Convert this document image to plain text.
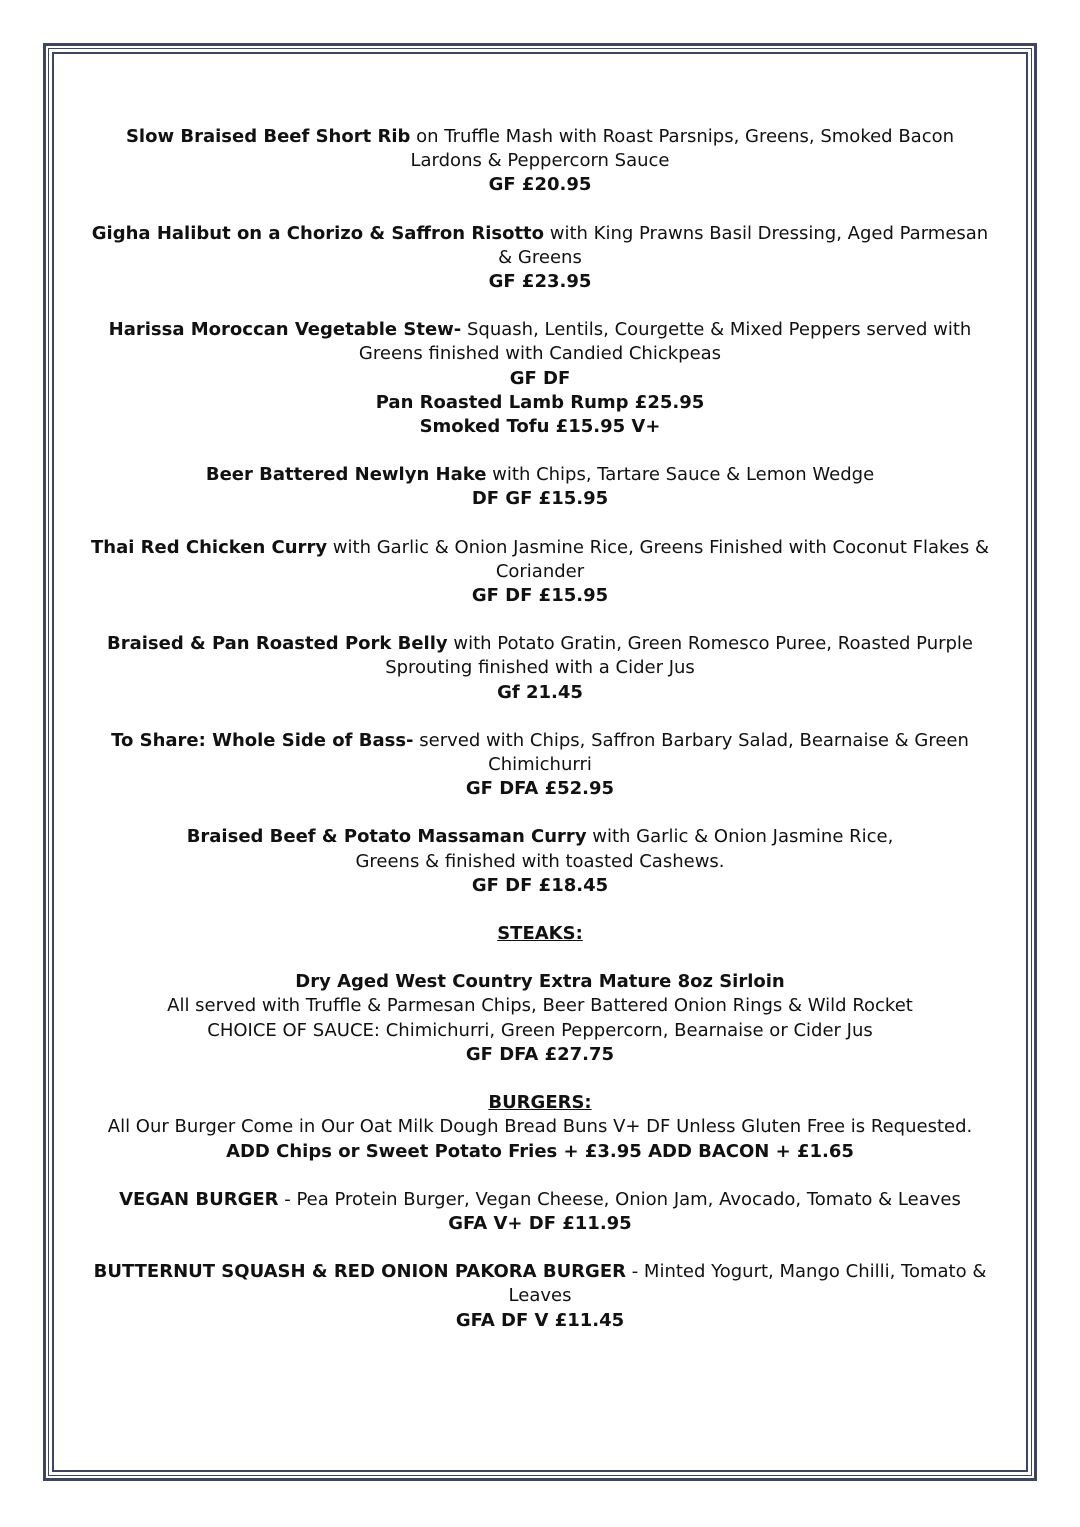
Slow Braised Beef Short Rib on Truffle Mash with Roast Parsnips, Greens, Smoked Bacon Lardons & Peppercorn Sauce

GF £20.95

Gigha Halibut on a Chorizo & Saffron Risotto with King Prawns Basil Dressing, Aged Parmesan & Greens

GF £23.95

Harissa Moroccan Vegetable Stew- Squash, Lentils, Courgette & Mixed Peppers served with Greens finished with Candied Chickpeas

GF DF

Pan Roasted Lamb Rump £25.95

Smoked Tofu £15.95 V+

Beer Battered Newlyn Hake with Chips, Tartare Sauce & Lemon Wedge

DF GF £15.95

Thai Red Chicken Curry with Garlic & Onion Jasmine Rice, Greens Finished with Coconut Flakes & Coriander

GF DF £15.95

Braised & Pan Roasted Pork Belly with Potato Gratin, Green Romesco Puree, Roasted Purple Sprouting finished with a Cider Jus

Gf 21.45

To Share: Whole Side of Bass- served with Chips, Saffron Barbary Salad, Bearnaise & Green Chimichurri

GF DFA £52.95

Braised Beef & Potato Massaman Curry with Garlic & Onion Jasmine Rice,

Greens & finished with toasted Cashews.

GF DF £18.45

STEAKS:

Dry Aged West Country Extra Mature 8oz Sirloin

All served with Truffle & Parmesan Chips, Beer Battered Onion Rings & Wild Rocket

CHOICE OF SAUCE: Chimichurri, Green Peppercorn, Bearnaise or Cider Jus

GF DFA £27.75

BURGERS:

All Our Burger Come in Our Oat Milk Dough Bread Buns V+ DF Unless Gluten Free is Requested. ADD Chips or Sweet Potato Fries + £3.95 ADD BACON + £1.65

VEGAN BURGER - Pea Protein Burger, Vegan Cheese, Onion Jam, Avocado, Tomato & Leaves

GFA V+ DF £11.95

BUTTERNUT SQUASH & RED ONION PAKORA BURGER - Minted Yogurt, Mango Chilli, Tomato & Leaves

GFA DF V £11.45
